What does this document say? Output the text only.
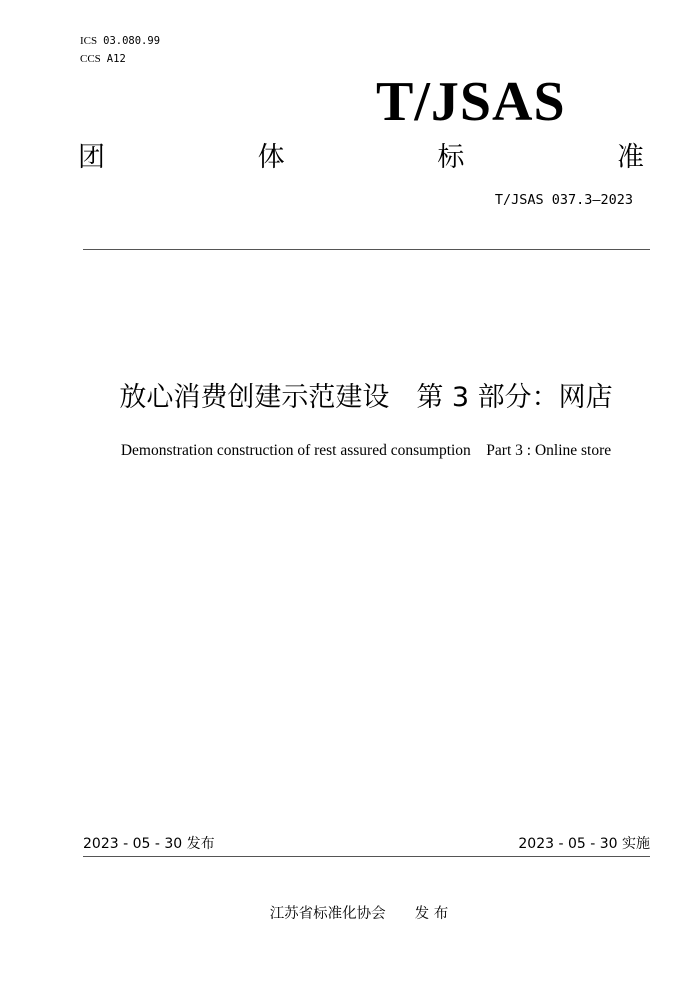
ICS 03.080.99
CCS A12
T/JSAS
团	体	标	准
T/JSAS 037.3—2023
放心消费创建示范建设　第 3 部分：网店
Demonstration construction of rest assured consumption    Part 3 : Online store
2023 - 05 - 30 发布	2023 - 05 - 30 实施
江苏省标准化协会　　发 布
